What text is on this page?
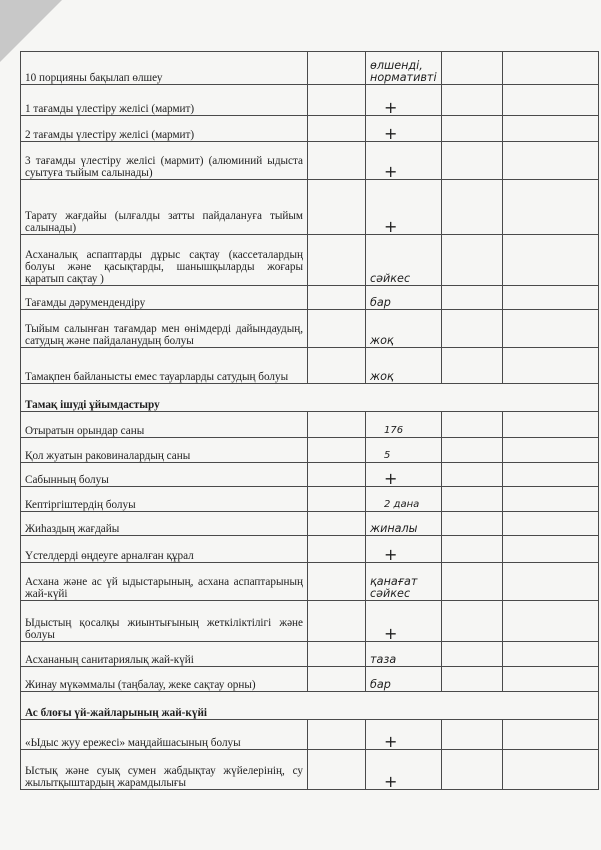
10 порцияны бақылап өлшеу		өлшенді, нормативті		
1 тағамды үлестіру желісі (мармит)		+		
2 тағамды үлестіру желісі (мармит)		+		
3 тағамды үлестіру желісі (мармит) (алюминий ыдыста суытуға тыйым салынады)		+		
Тарату жағдайы (ылғалды затты пайдалануға тыйым салынады)		+		
Асханалық аспаптарды дұрыс сақтау (кассеталардың болуы және қасықтарды, шанышқыларды жоғары қаратып сақтау )		сәйкес		
Тағамды дәрумендендіру		бар		
Тыйым салынған тағамдар мен өнімдерді дайындаудың, сатудың және пайдаланудың болуы		жоқ		
Тамақпен байланысты емес тауарларды сатудың болуы		жоқ		
Тамақ ішуді ұйымдастыру				
Отыратын орындар саны		176		
Қол жуатын раковиналардың саны		5		
Сабынның болуы		+		
Кептіргіштердің болуы		2 дана		
Жиһаздың жағдайы		жиналы		
Үстелдерді өңдеуге арналған құрал		+		
Асхана және ас үй ыдыстарының, асхана аспаптарының жай-күйі		қанағат сәйкес		
Ыдыстың қосалқы жиынтығының жеткіліктілігі және болуы		+		
Асхананың санитариялық жай-күйі		таза		
Жинау мүкәммалы (таңбалау, жеке сақтау орны)		бар		
Ас блоғы үй-жайларының жай-күйі				
«Ыдыс жуу ережесі» маңдайшасының болуы		+		
Ыстық және суық сумен жабдықтау жүйелерінің, су жылытқыштардың жарамдылығы		+		
